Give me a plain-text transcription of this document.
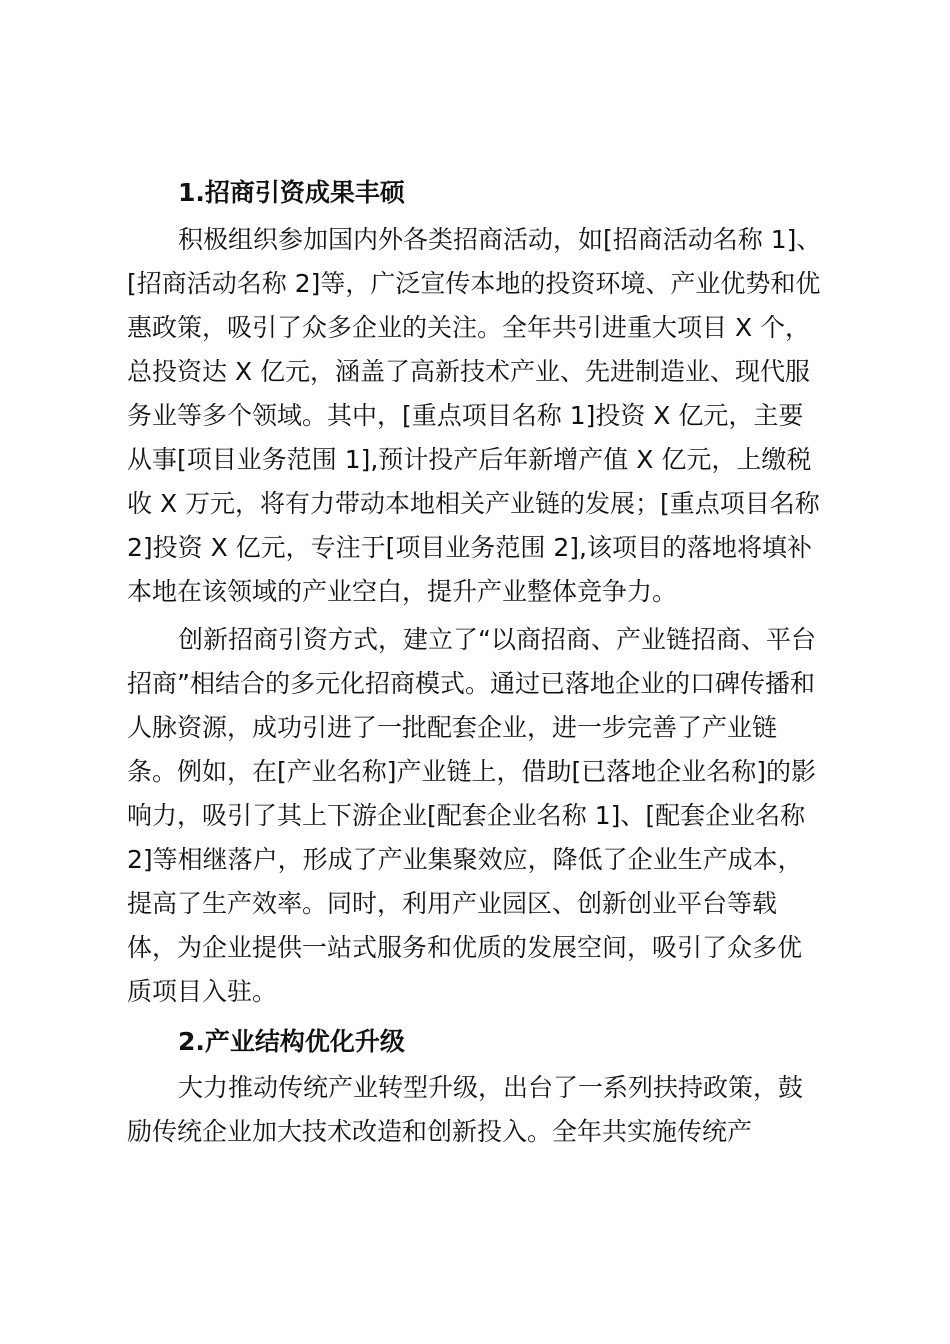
1.招商引资成果丰硕
积极组织参加国内外各类招商活动，如[招商活动名称 1]、
[招商活动名称 2]等，广泛宣传本地的投资环境、产业优势和优
惠政策，吸引了众多企业的关注。全年共引进重大项目 X 个，
总投资达 X 亿元，涵盖了高新技术产业、先进制造业、现代服
务业等多个领域。其中，[重点项目名称 1]投资 X 亿元，主要
从事[项目业务范围 1],预计投产后年新增产值 X 亿元，上缴税
收 X 万元，将有力带动本地相关产业链的发展；[重点项目名称
2]投资 X 亿元，专注于[项目业务范围 2],该项目的落地将填补
本地在该领域的产业空白，提升产业整体竞争力。
创新招商引资方式，建立了“以商招商、产业链招商、平台
招商”相结合的多元化招商模式。通过已落地企业的口碑传播和
人脉资源，成功引进了一批配套企业，进一步完善了产业链
条。例如，在[产业名称]产业链上，借助[已落地企业名称]的影
响力，吸引了其上下游企业[配套企业名称 1]、[配套企业名称
2]等相继落户，形成了产业集聚效应，降低了企业生产成本，
提高了生产效率。同时，利用产业园区、创新创业平台等载
体，为企业提供一站式服务和优质的发展空间，吸引了众多优
质项目入驻。
2.产业结构优化升级
大力推动传统产业转型升级，出台了一系列扶持政策，鼓
励传统企业加大技术改造和创新投入。全年共实施传统产
